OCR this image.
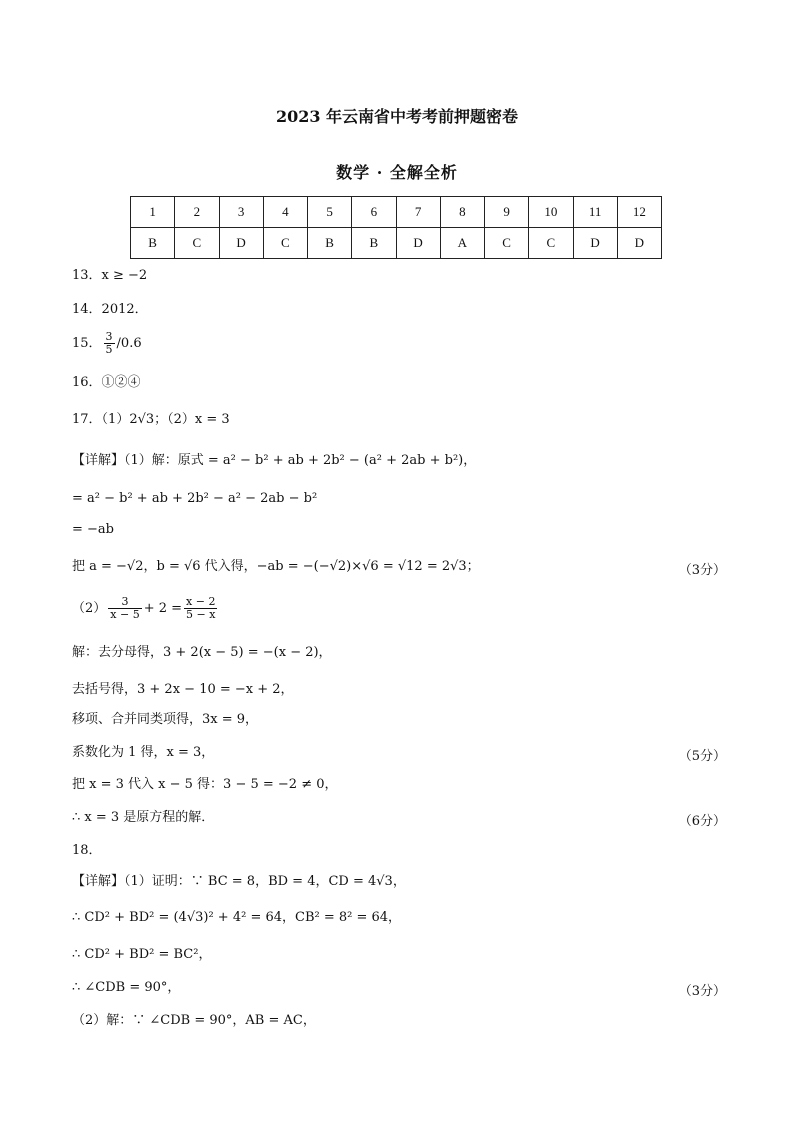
2023 年云南省中考考前押题密卷
数学 · 全解全析
1	2	3	4	5	6	7	8	9	10	11	12
B	C	D	C	B	B	D	A	C	C	D	D
13．x ≥ −2
14．2012．
15． $\frac{3}{5} /0.6$
16．①②④
17．（1）2√3；（2）x = 3
【详解】（1）解：原式 = a² − b² + ab + 2b² − (a² + 2ab + b²)，
= a² − b² + ab + 2b² − a² − 2ab − b²
= −ab
把 a = −√2，b = √6 代入得，−ab = −(−√2)×√6 = √12 = 2√3；	（3分）
$(2) \frac{3}{x - 5} + 2 = \frac{x - 2}{5 - x}$
解：去分母得，3 + 2(x − 5) = −(x − 2)，
去括号得，3 + 2x − 10 = −x + 2，
移项、合并同类项得，3x = 9，
系数化为 1 得，x = 3，	（5分）
把 x = 3 代入 x − 5 得：3 − 5 = −2 ≠ 0，
∴ x = 3 是原方程的解．	（6分）
18．
【详解】（1）证明：∵ BC = 8，BD = 4，CD = 4√3，
∴ CD² + BD² = (4√3)² + 4² = 64，CB² = 8² = 64，
∴ CD² + BD² = BC²，
∴ ∠CDB = 90°，	（3分）
（2）解：∵ ∠CDB = 90°，AB = AC，
